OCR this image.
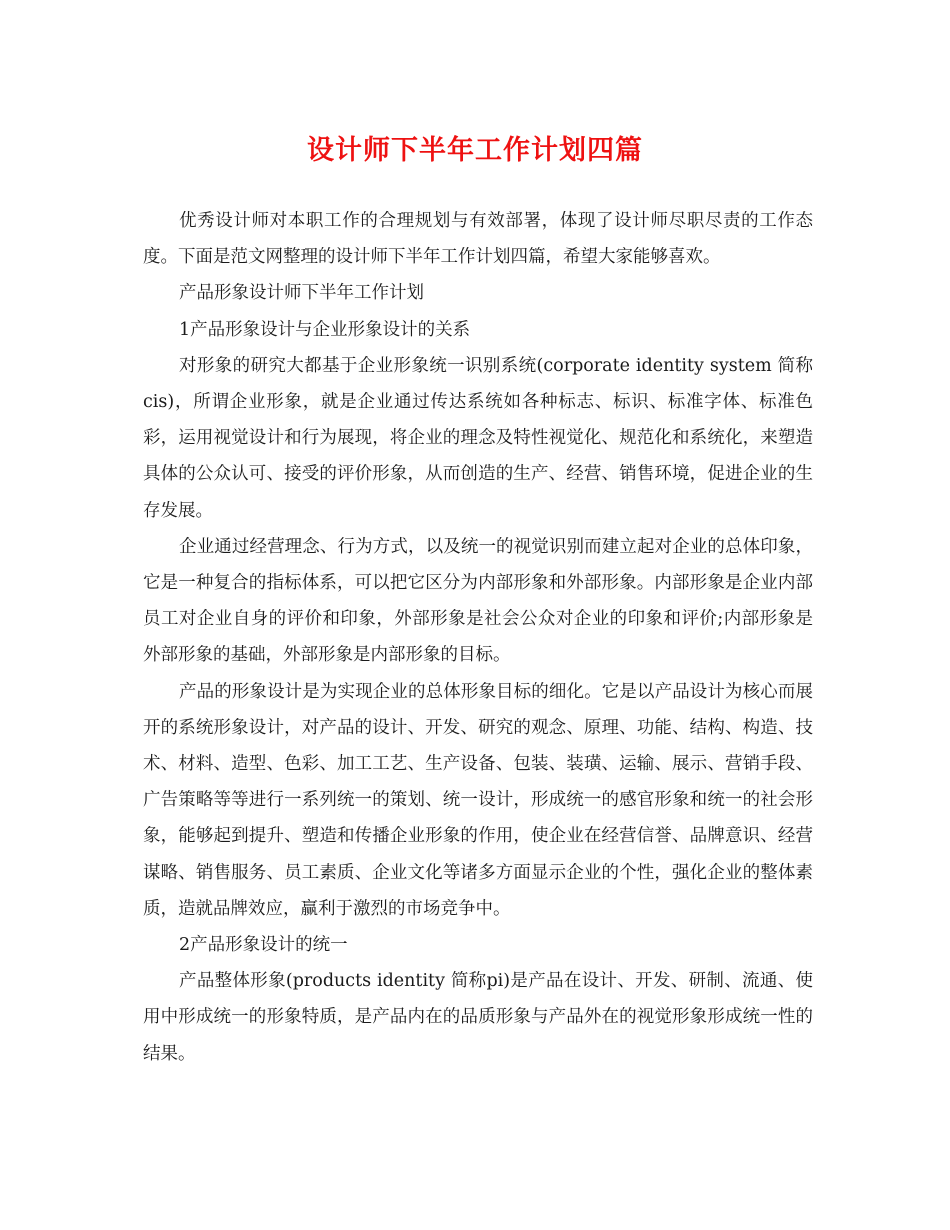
设计师下半年工作计划四篇

优秀设计师对本职工作的合理规划与有效部署，体现了设计师尽职尽责的工作态度。下面是范文网整理的设计师下半年工作计划四篇，希望大家能够喜欢。

产品形象设计师下半年工作计划

1产品形象设计与企业形象设计的关系

对形象的研究大都基于企业形象统一识别系统(corporate identity system 简称cis)，所谓企业形象，就是企业通过传达系统如各种标志、标识、标准字体、标准色彩，运用视觉设计和行为展现，将企业的理念及特性视觉化、规范化和系统化，来塑造具体的公众认可、接受的评价形象，从而创造的生产、经营、销售环境，促进企业的生存发展。

企业通过经营理念、行为方式，以及统一的视觉识别而建立起对企业的总体印象，它是一种复合的指标体系，可以把它区分为内部形象和外部形象。内部形象是企业内部员工对企业自身的评价和印象，外部形象是社会公众对企业的印象和评价;内部形象是外部形象的基础，外部形象是内部形象的目标。

产品的形象设计是为实现企业的总体形象目标的细化。它是以产品设计为核心而展开的系统形象设计，对产品的设计、开发、研究的观念、原理、功能、结构、构造、技术、材料、造型、色彩、加工工艺、生产设备、包装、装璜、运输、展示、营销手段、广告策略等等进行一系列统一的策划、统一设计，形成统一的感官形象和统一的社会形象，能够起到提升、塑造和传播企业形象的作用，使企业在经营信誉、品牌意识、经营谋略、销售服务、员工素质、企业文化等诸多方面显示企业的个性，强化企业的整体素质，造就品牌效应，赢利于激烈的市场竞争中。

2产品形象设计的统一

产品整体形象(products identity 简称pi)是产品在设计、开发、研制、流通、使用中形成统一的形象特质，是产品内在的品质形象与产品外在的视觉形象形成统一性的结果。
